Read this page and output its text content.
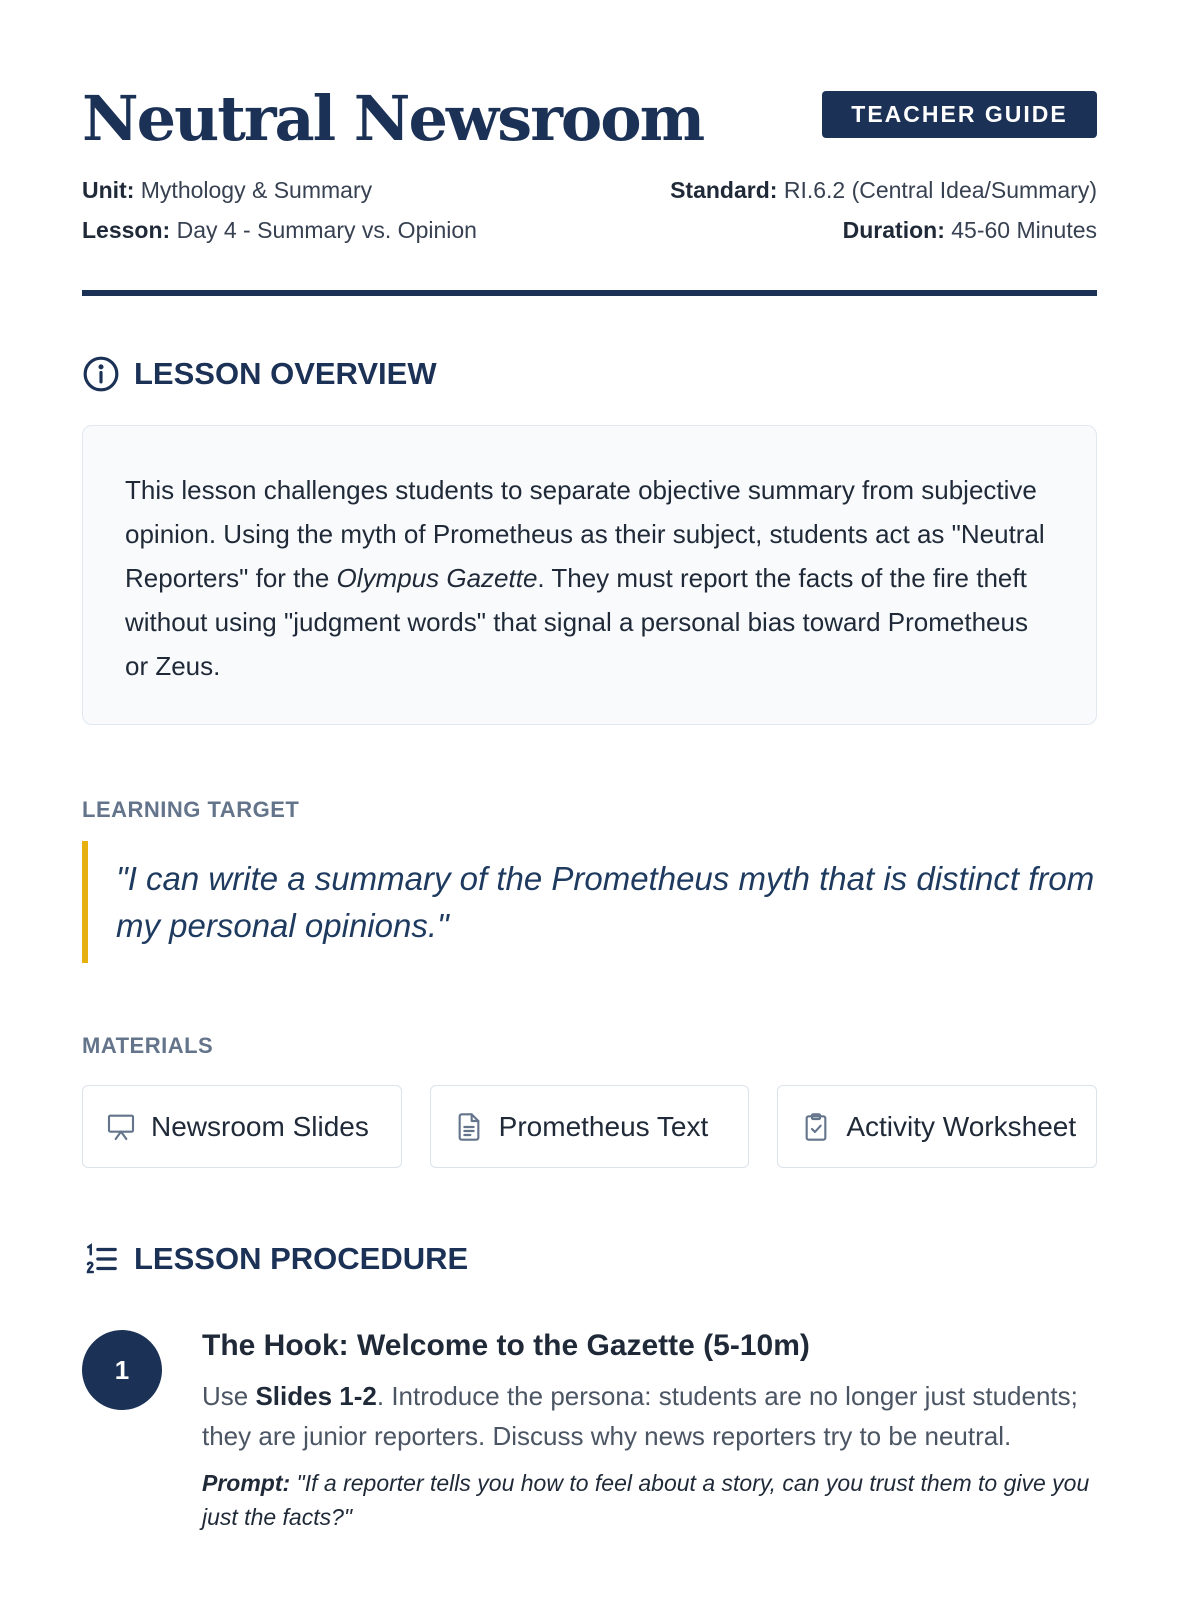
Neutral Newsroom	TEACHER GUIDE
Unit: Mythology & Summary
Lesson: Day 4 - Summary vs. Opinion
Standard: RI.6.2 (Central Idea/Summary)
Duration: 45-60 Minutes
LESSON OVERVIEW
This lesson challenges students to separate objective summary from subjective opinion. Using the myth of Prometheus as their subject, students act as "Neutral Reporters" for the Olympus Gazette. They must report the facts of the fire theft without using "judgment words" that signal a personal bias toward Prometheus or Zeus.
LEARNING TARGET
"I can write a summary of the Prometheus myth that is distinct from my personal opinions."
MATERIALS
Newsroom Slides	Prometheus Text	Activity Worksheet
LESSON PROCEDURE
1
The Hook: Welcome to the Gazette (5-10m)

Use Slides 1-2. Introduce the persona: students are no longer just students; they are junior reporters. Discuss why news reporters try to be neutral.

Prompt: "If a reporter tells you how to feel about a story, can you trust them to give you just the facts?"
